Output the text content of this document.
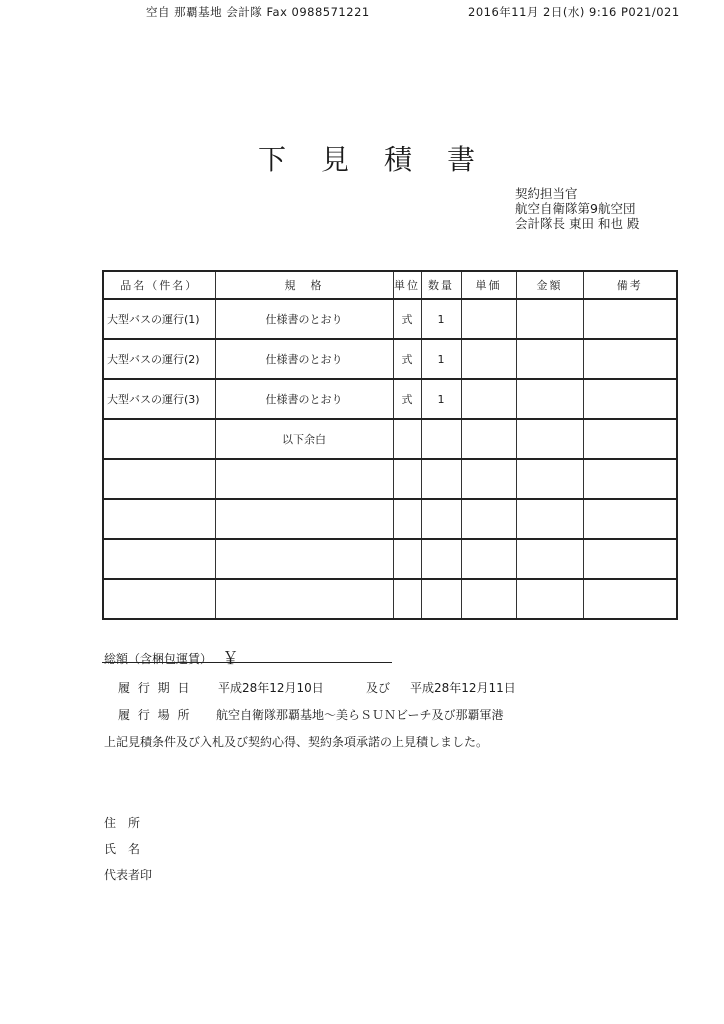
空自 那覇基地 会計隊 Fax 0988571221	2016年11月 2日(水) 9:16 P021/021
下見積書
契約担当官
航空自衛隊第9航空団
会計隊長 東田 和也 殿
品名（件名）	規　格	単位	数量	単価	金額	備考
大型バスの運行(1)	仕様書のとおり	式	1			
大型バスの運行(2)	仕様書のとおり	式	1			
大型バスの運行(3)	仕様書のとおり	式	1			
	以下余白					

総額（含梱包運賃） ￥
履 行 期 日 平成28年12月10日	及び 平成28年12月11日
履 行 場 所 航空自衛隊那覇基地～美らＳＵＮビーチ及び那覇軍港
上記見積条件及び入札及び契約心得、契約条項承諾の上見積しました。
住　所
氏　名
代表者印
